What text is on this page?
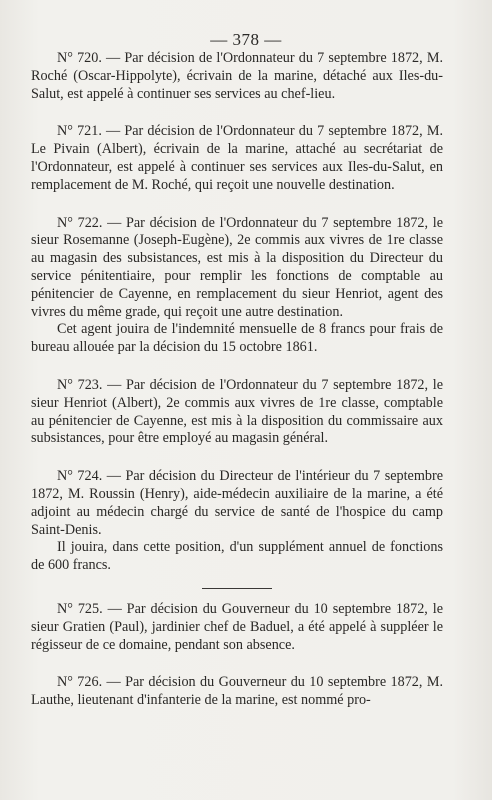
— 378 —

N° 720. — Par décision de l'Ordonnateur du 7 septembre 1872, M. Roché (Oscar-Hippolyte), écrivain de la marine, détaché aux Iles-du-Salut, est appelé à continuer ses services au chef-lieu.

N° 721. — Par décision de l'Ordonnateur du 7 septembre 1872, M. Le Pivain (Albert), écrivain de la marine, attaché au secrétariat de l'Ordonnateur, est appelé à continuer ses services aux Iles-du-Salut, en remplacement de M. Roché, qui reçoit une nouvelle destination.

N° 722. — Par décision de l'Ordonnateur du 7 septembre 1872, le sieur Rosemanne (Joseph-Eugène), 2e commis aux vivres de 1re classe au magasin des subsistances, est mis à la disposition du Directeur du service pénitentiaire, pour remplir les fonctions de comptable au pénitencier de Cayenne, en remplacement du sieur Henriot, agent des vivres du même grade, qui reçoit une autre destination.

Cet agent jouira de l'indemnité mensuelle de 8 francs pour frais de bureau allouée par la décision du 15 octobre 1861.

N° 723. — Par décision de l'Ordonnateur du 7 septembre 1872, le sieur Henriot (Albert), 2e commis aux vivres de 1re classe, comptable au pénitencier de Cayenne, est mis à la disposition du commissaire aux subsistances, pour être employé au magasin général.

N° 724. — Par décision du Directeur de l'intérieur du 7 septembre 1872, M. Roussin (Henry), aide-médecin auxiliaire de la marine, a été adjoint au médecin chargé du service de santé de l'hospice du camp Saint-Denis.

Il jouira, dans cette position, d'un supplément annuel de fonctions de 600 francs.

N° 725. — Par décision du Gouverneur du 10 septembre 1872, le sieur Gratien (Paul), jardinier chef de Baduel, a été appelé à suppléer le régisseur de ce domaine, pendant son absence.

N° 726. — Par décision du Gouverneur du 10 septembre 1872, M. Lauthe, lieutenant d'infanterie de la marine, est nommé pro-
